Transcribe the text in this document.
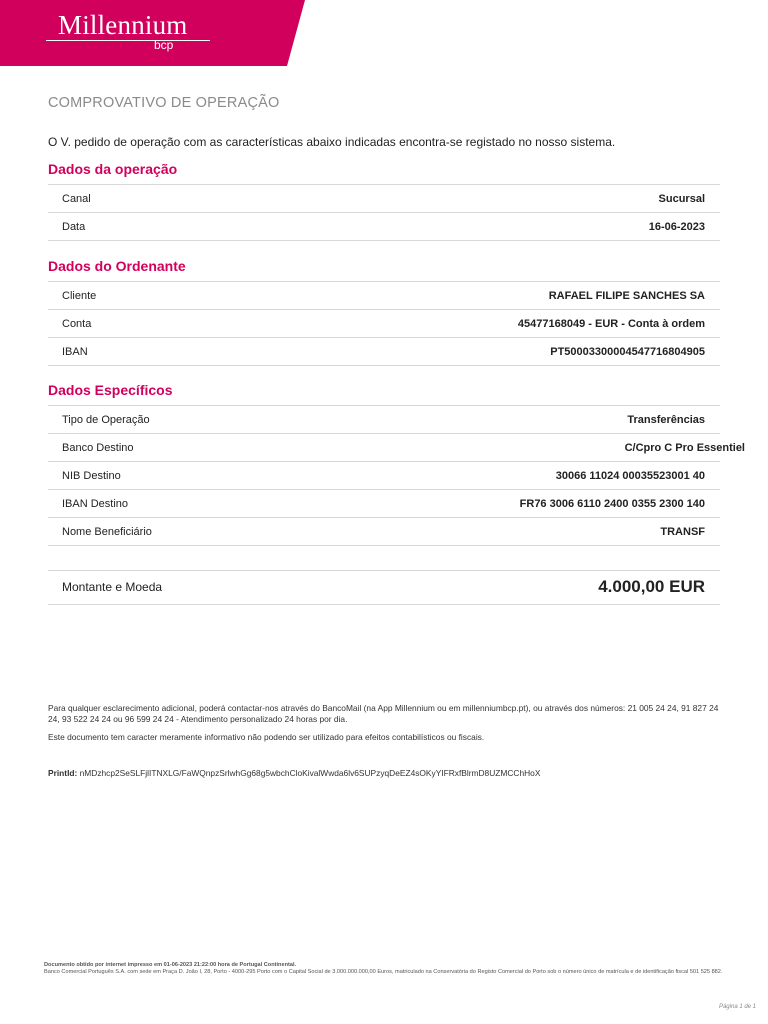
Millennium
bcp
COMPROVATIVO DE OPERAÇÃO
O V. pedido de operação com as características abaixo indicadas encontra-se registado no nosso sistema.
Dados da operação
Canal	Sucursal
Data	16-06-2023
Dados do Ordenante
Cliente	RAFAEL FILIPE SANCHES SA
Conta	45477168049 - EUR - Conta à ordem
IBAN	PT50003300004547716804905
Dados Específicos
Tipo de Operação	Transferências
Banco Destino	C/Cpro C Pro Essentiel
NIB Destino	30066 11024 00035523001 40
IBAN Destino	FR76 3006 6110 2400 0355 2300 140
Nome Beneficiário	TRANSF
Montante e Moeda	4.000,00 EUR
Para qualquer esclarecimento adicional, poderá contactar-nos através do BancoMail (na App Millennium ou em millenniumbcp.pt), ou através dos números: 21 005 24 24, 91 827 24 24, 93 522 24 24 ou 96 599 24 24 - Atendimento personalizado 24 horas por dia.
Este documento tem caracter meramente informativo não podendo ser utilizado para efeitos contabilísticos ou fiscais.
PrintId: nMDzhcp2SeSLFjlITNXLG/FaWQnpzSrlwhGg68g5wbchCloKivalWwda6lv6SUPzyqDeEZ4sOKyYIFRxfBlrmD8UZMCChHoX
Documento obtido por internet impresso em 01-06-2023 21:22:00 hora de Portugal Continental.
Banco Comercial Português S.A. com sede em Praça D. João I, 28, Porto - 4000-295 Porto com o Capital Social de 3.000.000.000,00 Euros, matriculado na Conservatória do Registo Comercial do Porto sob o número único de matrícula e de identificação fiscal 501 525 882.
Página 1 de 1
